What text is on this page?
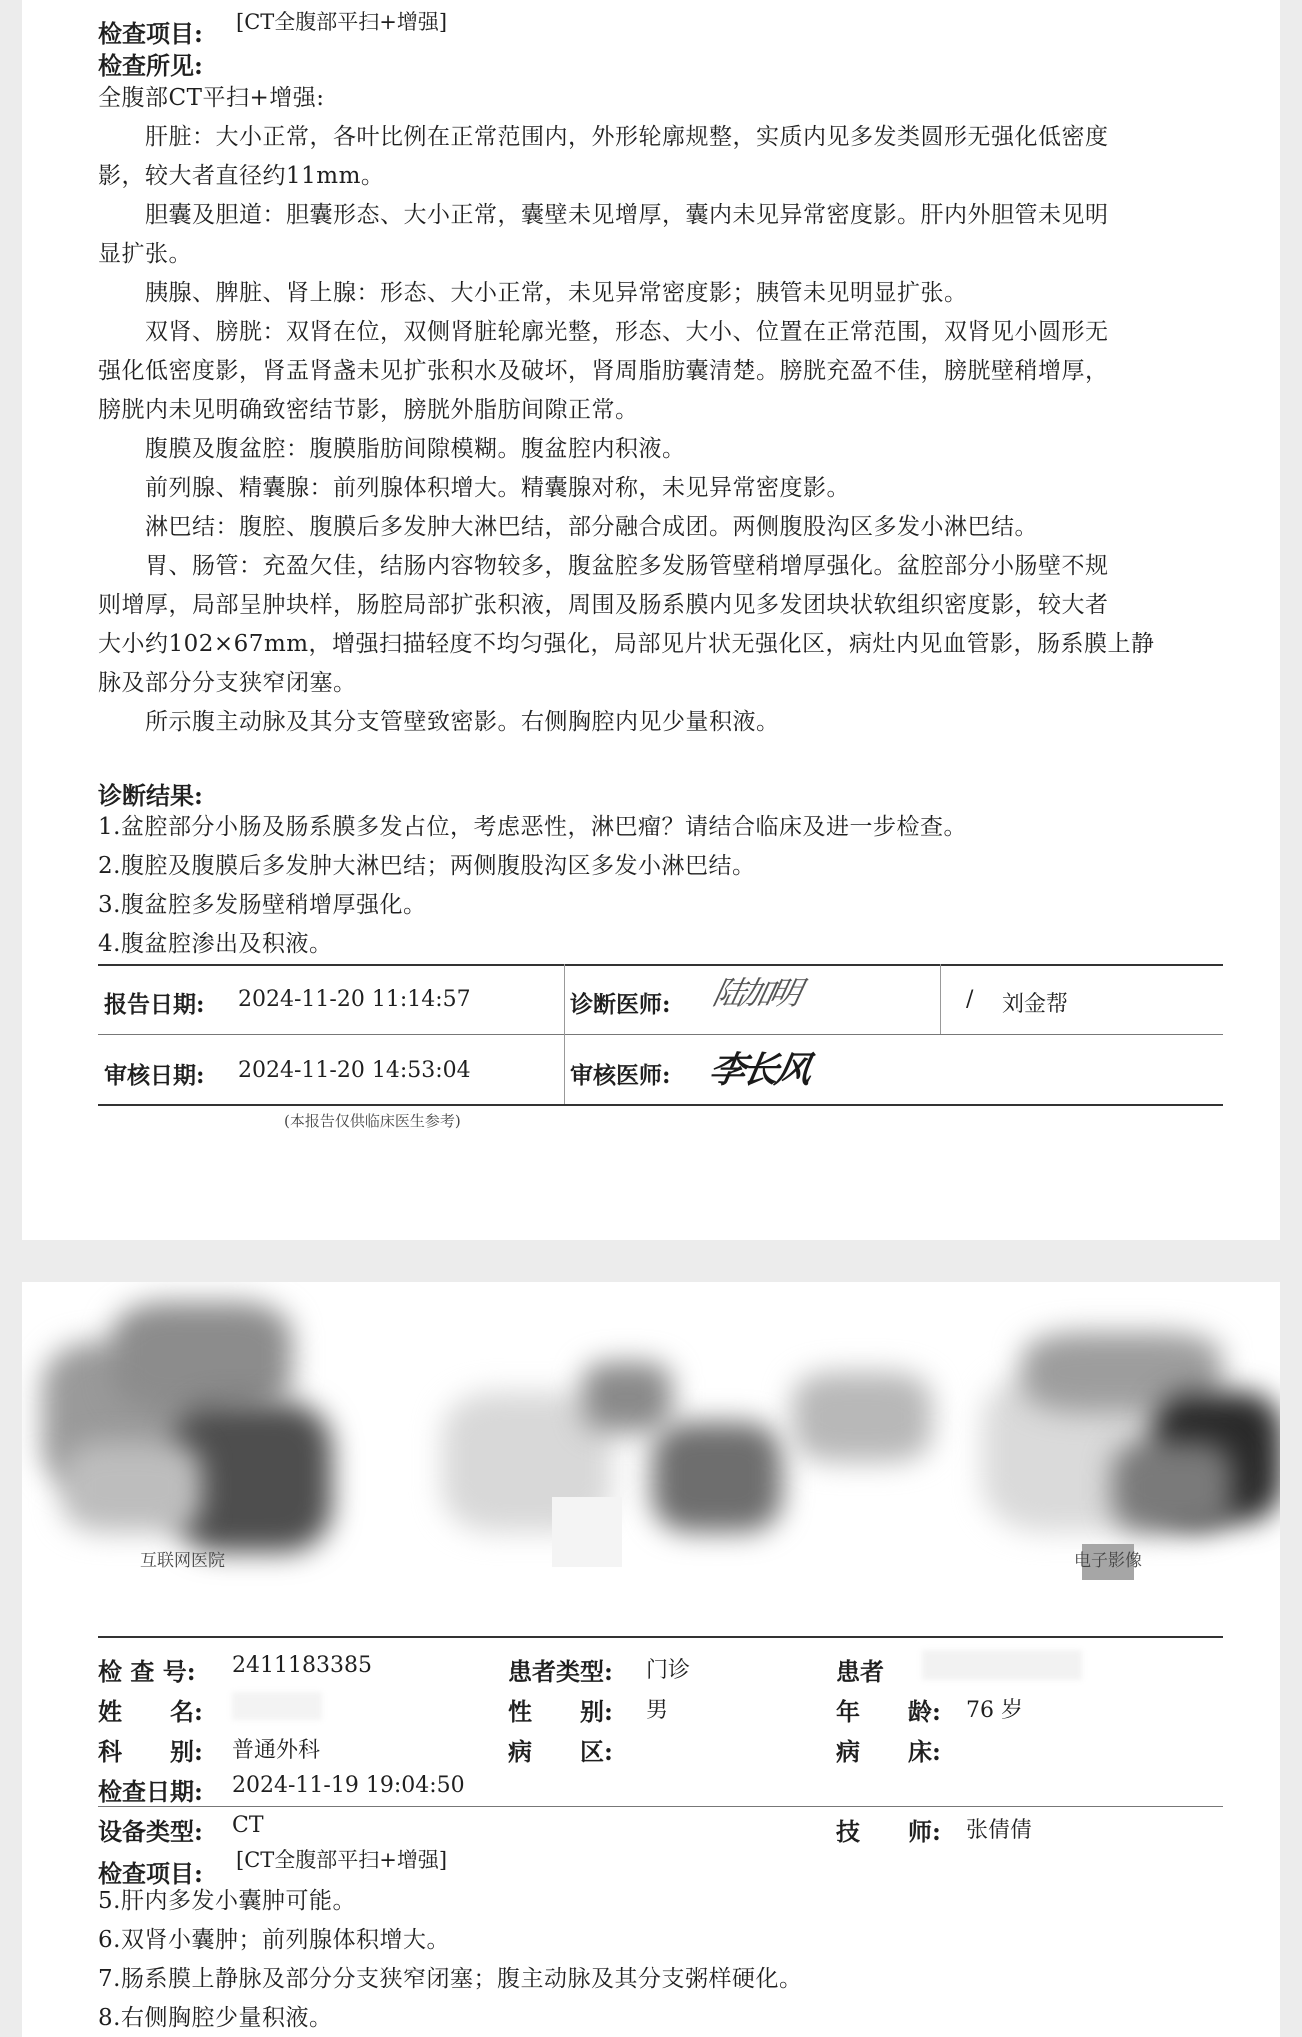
检查项目: [CT全腹部平扫+增强]
检查所见:
全腹部CT平扫+增强:
　　肝脏：大小正常，各叶比例在正常范围内，外形轮廓规整，实质内见多发类圆形无强化低密度
影，较大者直径约11mm。
　　胆囊及胆道：胆囊形态、大小正常，囊壁未见增厚，囊内未见异常密度影。肝内外胆管未见明
显扩张。
　　胰腺、脾脏、肾上腺：形态、大小正常，未见异常密度影；胰管未见明显扩张。
　　双肾、膀胱：双肾在位，双侧肾脏轮廓光整，形态、大小、位置在正常范围，双肾见小圆形无
强化低密度影，肾盂肾盏未见扩张积水及破坏，肾周脂肪囊清楚。膀胱充盈不佳，膀胱壁稍增厚，
膀胱内未见明确致密结节影，膀胱外脂肪间隙正常。
　　腹膜及腹盆腔：腹膜脂肪间隙模糊。腹盆腔内积液。
　　前列腺、精囊腺：前列腺体积增大。精囊腺对称，未见异常密度影。
　　淋巴结：腹腔、腹膜后多发肿大淋巴结，部分融合成团。两侧腹股沟区多发小淋巴结。
　　胃、肠管：充盈欠佳，结肠内容物较多，腹盆腔多发肠管壁稍增厚强化。盆腔部分小肠壁不规
则增厚，局部呈肿块样，肠腔局部扩张积液，周围及肠系膜内见多发团块状软组织密度影，较大者
大小约102×67mm，增强扫描轻度不均匀强化，局部见片状无强化区，病灶内见血管影，肠系膜上静
脉及部分分支狭窄闭塞。
　　所示腹主动脉及其分支管壁致密影。右侧胸腔内见少量积液。
诊断结果:
1.盆腔部分小肠及肠系膜多发占位，考虑恶性，淋巴瘤？请结合临床及进一步检查。
2.腹腔及腹膜后多发肿大淋巴结；两侧腹股沟区多发小淋巴结。
3.腹盆腔多发肠壁稍增厚强化。
4.腹盆腔渗出及积液。
报告日期: 2024-11-20 11:14:57	诊断医师: 陆加明	/ 刘金帮
审核日期: 2024-11-20 14:53:04	审核医师: 李长风
(本报告仅供临床医生参考)
互联网医院	电子影像
检 查 号: 2411183385	患者类型: 门诊	患者
姓　　名:	性　　别: 男	年　　龄: 76 岁
科　　别: 普通外科	病　　区:	病　　床:
检查日期: 2024-11-19 19:04:50
设备类型: CT	技　　师: 张倩倩
检查项目: [CT全腹部平扫+增强]
5.肝内多发小囊肿可能。
6.双肾小囊肿；前列腺体积增大。
7.肠系膜上静脉及部分分支狭窄闭塞；腹主动脉及其分支粥样硬化。
8.右侧胸腔少量积液。
